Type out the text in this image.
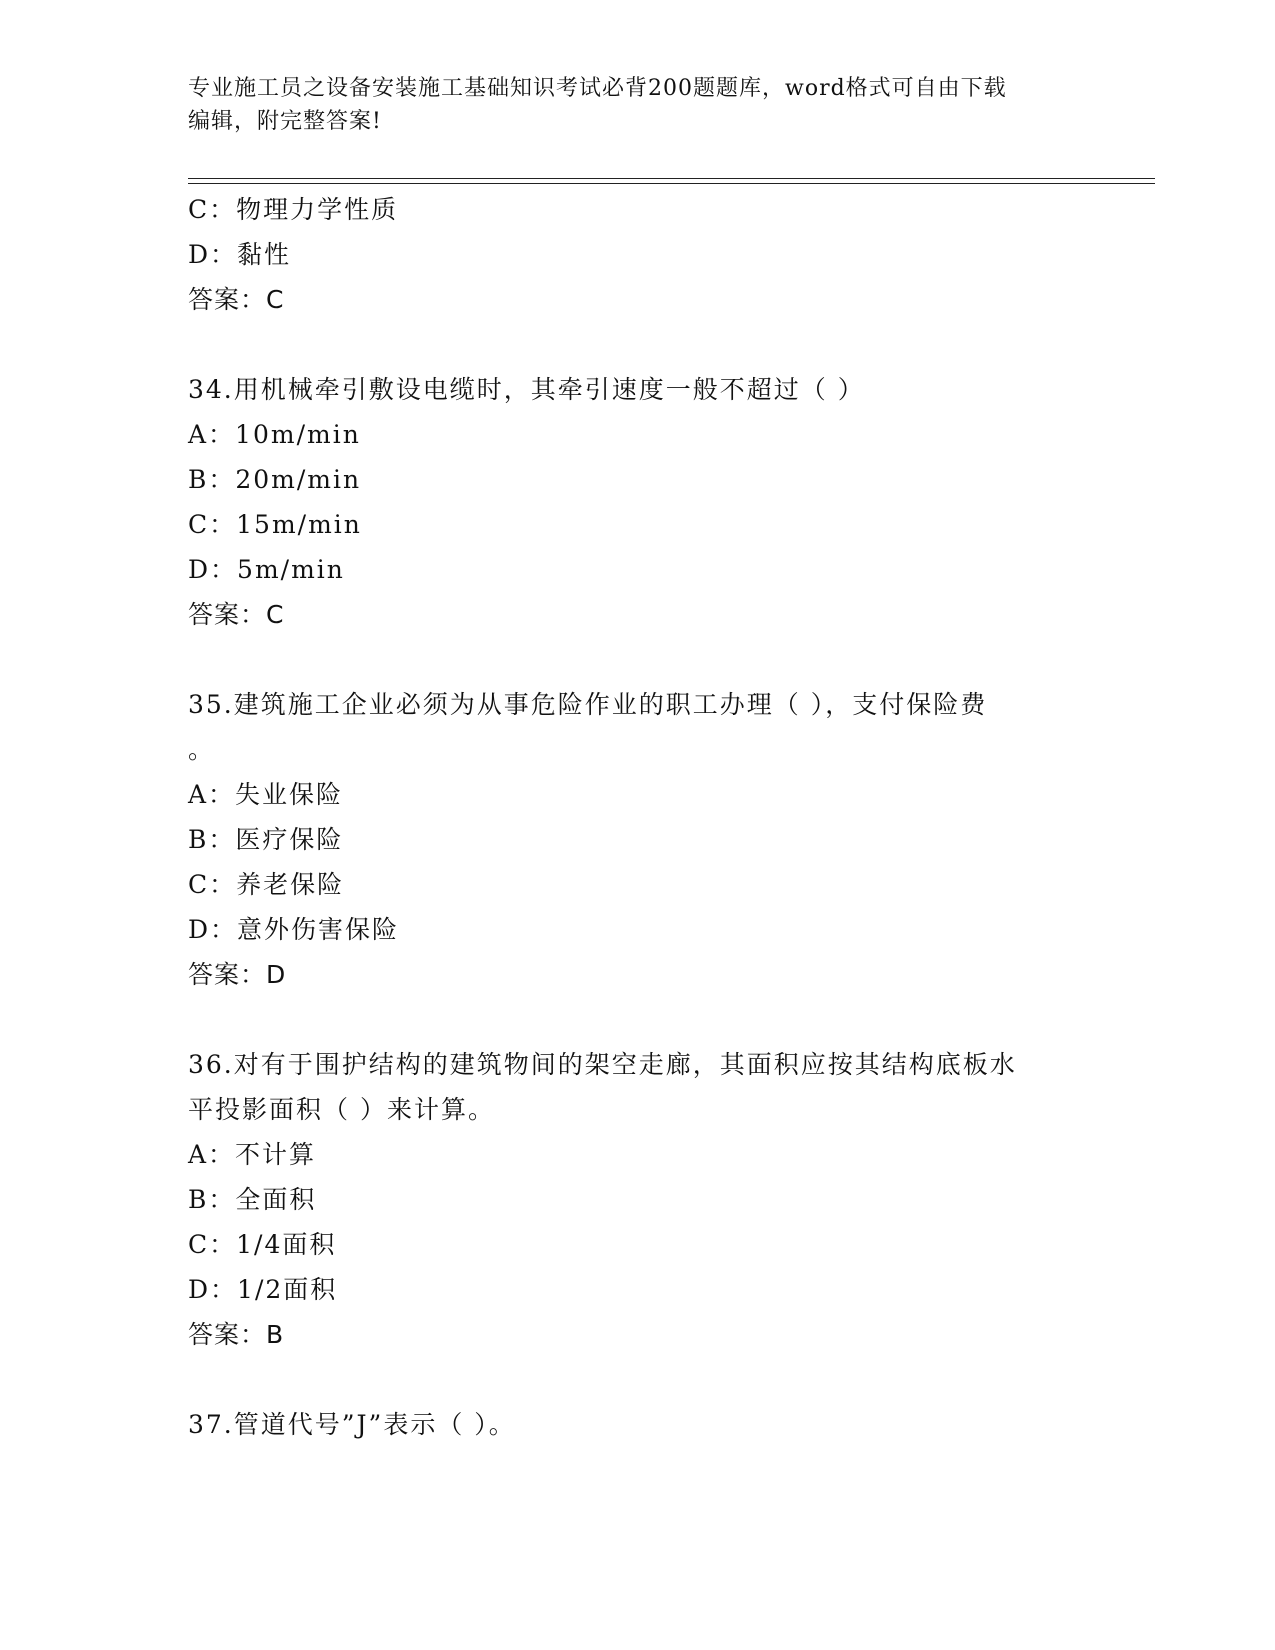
专业施工员之设备安装施工基础知识考试必背200题题库，word格式可自由下载
编辑，附完整答案!
C：物理力学性质
D：黏性
答案：C
34.用机械牵引敷设电缆时，其牵引速度一般不超过（ ）
A：10m/min
B：20m/min
C：15m/min
D：5m/min
答案：C
35.建筑施工企业必须为从事危险作业的职工办理（ ），支付保险费
。
A：失业保险
B：医疗保险
C：养老保险
D：意外伤害保险
答案：D
36.对有于围护结构的建筑物间的架空走廊，其面积应按其结构底板水
平投影面积（ ）来计算。
A：不计算
B：全面积
C：1/4面积
D：1/2面积
答案：B
37.管道代号”J”表示（ ）。
